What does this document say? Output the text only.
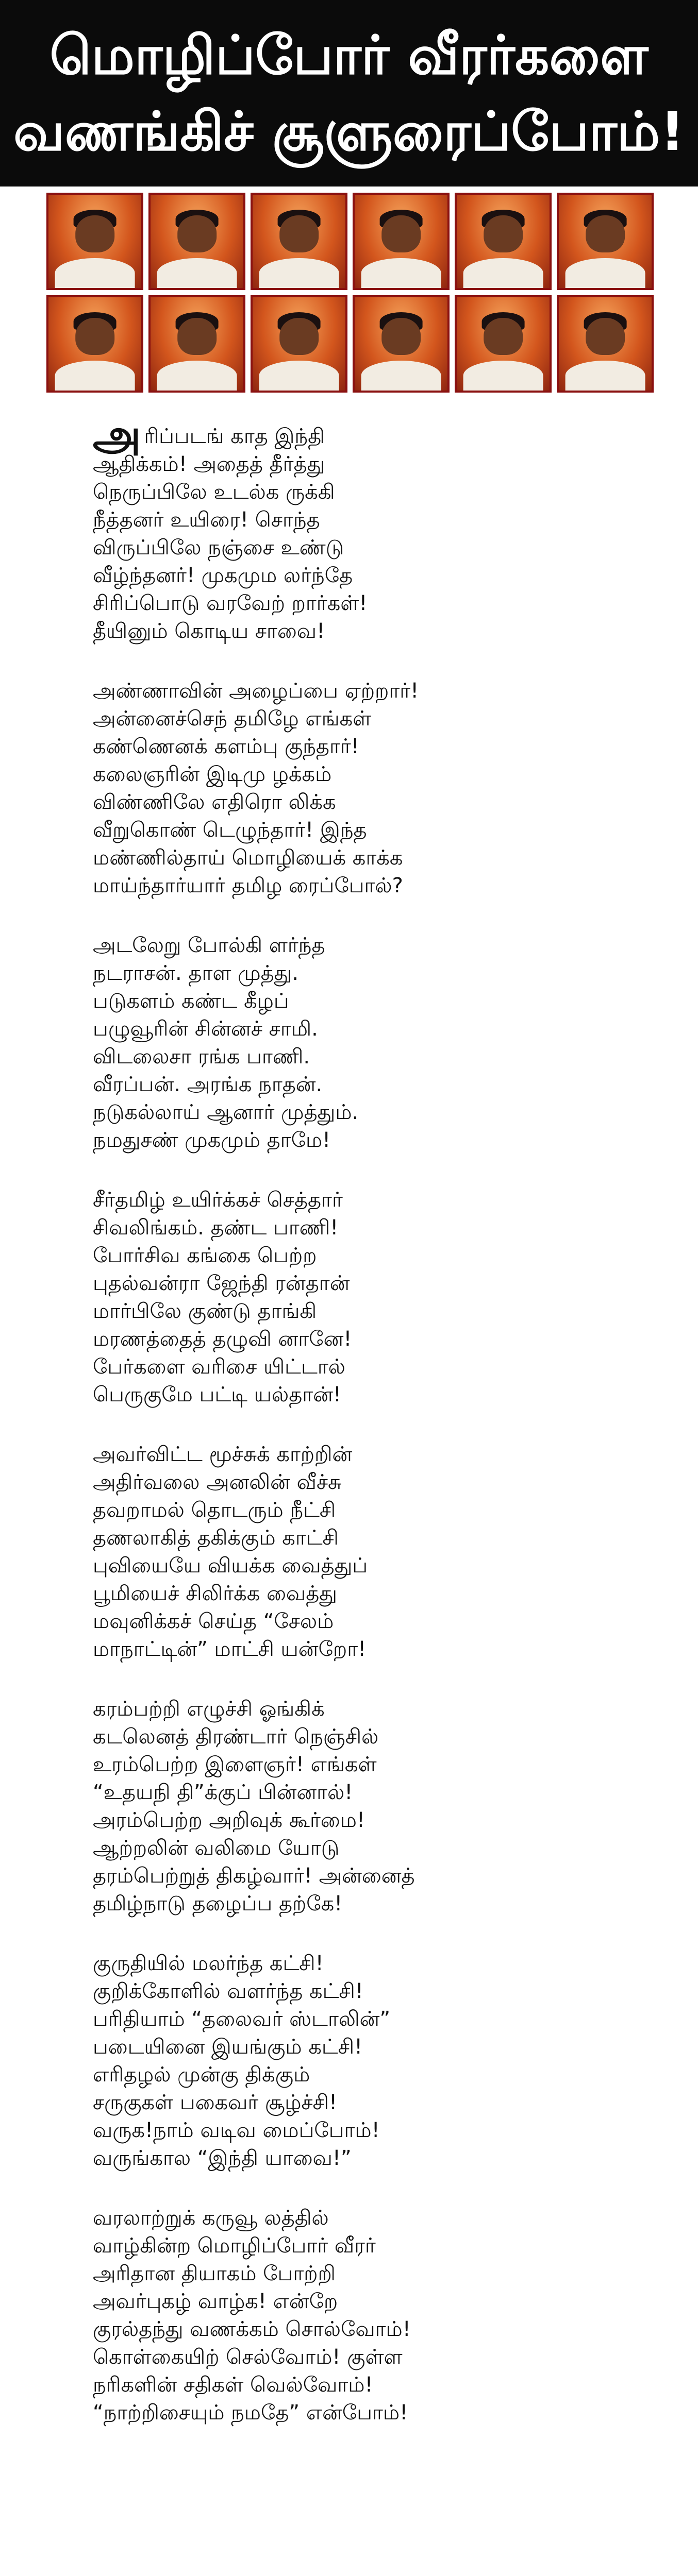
மொழிப்போர் வீரர்களை
வணங்கிச் சூளுரைப்போம்!
அரிப்படங் காத இந்தி
ஆதிக்கம்! அதைத் தீர்த்து
நெருப்பிலே உடல்க ருக்கி
நீத்தனர் உயிரை! சொந்த
விருப்பிலே நஞ்சை உண்டு
வீழ்ந்தனர்! முகமும லர்ந்தே
சிரிப்பொடு வரவேற் றார்கள்!
தீயினும் கொடிய சாவை!
அண்ணாவின் அழைப்பை ஏற்றார்!
அன்னைச்செந் தமிழே எங்கள்
கண்ணெனக் களம்பு குந்தார்!
கலைஞரின் இடிமு ழக்கம்
விண்ணிலே எதிரொ லிக்க
வீறுகொண் டெழுந்தார்! இந்த
மண்ணில்தாய் மொழியைக் காக்க
மாய்ந்தார்யார் தமிழ ரைப்போல்?
அடலேறு போல்கி ளர்ந்த
நடராசன். தாள முத்து.
படுகளம் கண்ட கீழப்
பழுவூரின் சின்னச் சாமி.
விடலைசா ரங்க பாணி.
வீரப்பன். அரங்க நாதன்.
நடுகல்லாய் ஆனார் முத்தும்.
நமதுசண் முகமும் தாமே!
சீர்தமிழ் உயிர்க்கச் செத்தார்
சிவலிங்கம். தண்ட பாணி!
போர்சிவ கங்கை பெற்ற
புதல்வன்ரா ஜேந்தி ரன்தான்
மார்பிலே குண்டு தாங்கி
மரணத்தைத் தழுவி னானே!
பேர்களை வரிசை யிட்டால்
பெருகுமே பட்டி யல்தான்!
அவர்விட்ட மூச்சுக் காற்றின்
அதிர்வலை அனலின் வீச்சு
தவறாமல் தொடரும் நீட்சி
தணலாகித் தகிக்கும் காட்சி
புவியையே வியக்க வைத்துப்
பூமியைச் சிலிர்க்க வைத்து
மவுனிக்கச் செய்த “சேலம்
மாநாட்டின்” மாட்சி யன்றோ!
கரம்பற்றி எழுச்சி ஓங்கிக்
கடலெனத் திரண்டார் நெஞ்சில்
உரம்பெற்ற இளைஞர்! எங்கள்
“உதயநி தி”க்குப் பின்னால்!
அரம்பெற்ற அறிவுக் கூர்மை!
ஆற்றலின் வலிமை யோடு
தரம்பெற்றுத் திகழ்வார்! அன்னைத்
தமிழ்நாடு தழைப்ப தற்கே!
குருதியில் மலர்ந்த கட்சி!
குறிக்கோளில் வளர்ந்த கட்சி!
பரிதியாம் “தலைவர் ஸ்டாலின்”
படையினை இயங்கும் கட்சி!
எரிதழல் முன்கு திக்கும்
சருகுகள் பகைவர் சூழ்ச்சி!
வருக!நாம் வடிவ மைப்போம்!
வருங்கால “இந்தி யாவை!”
வரலாற்றுக் கருவூ லத்தில்
வாழ்கின்ற மொழிப்போர் வீரர்
அரிதான தியாகம் போற்றி
அவர்புகழ் வாழ்க! என்றே
குரல்தந்து வணக்கம் சொல்வோம்!
கொள்கையிற் செல்வோம்! குள்ள
நரிகளின் சதிகள் வெல்வோம்!
“நாற்றிசையும் நமதே” என்போம்!
